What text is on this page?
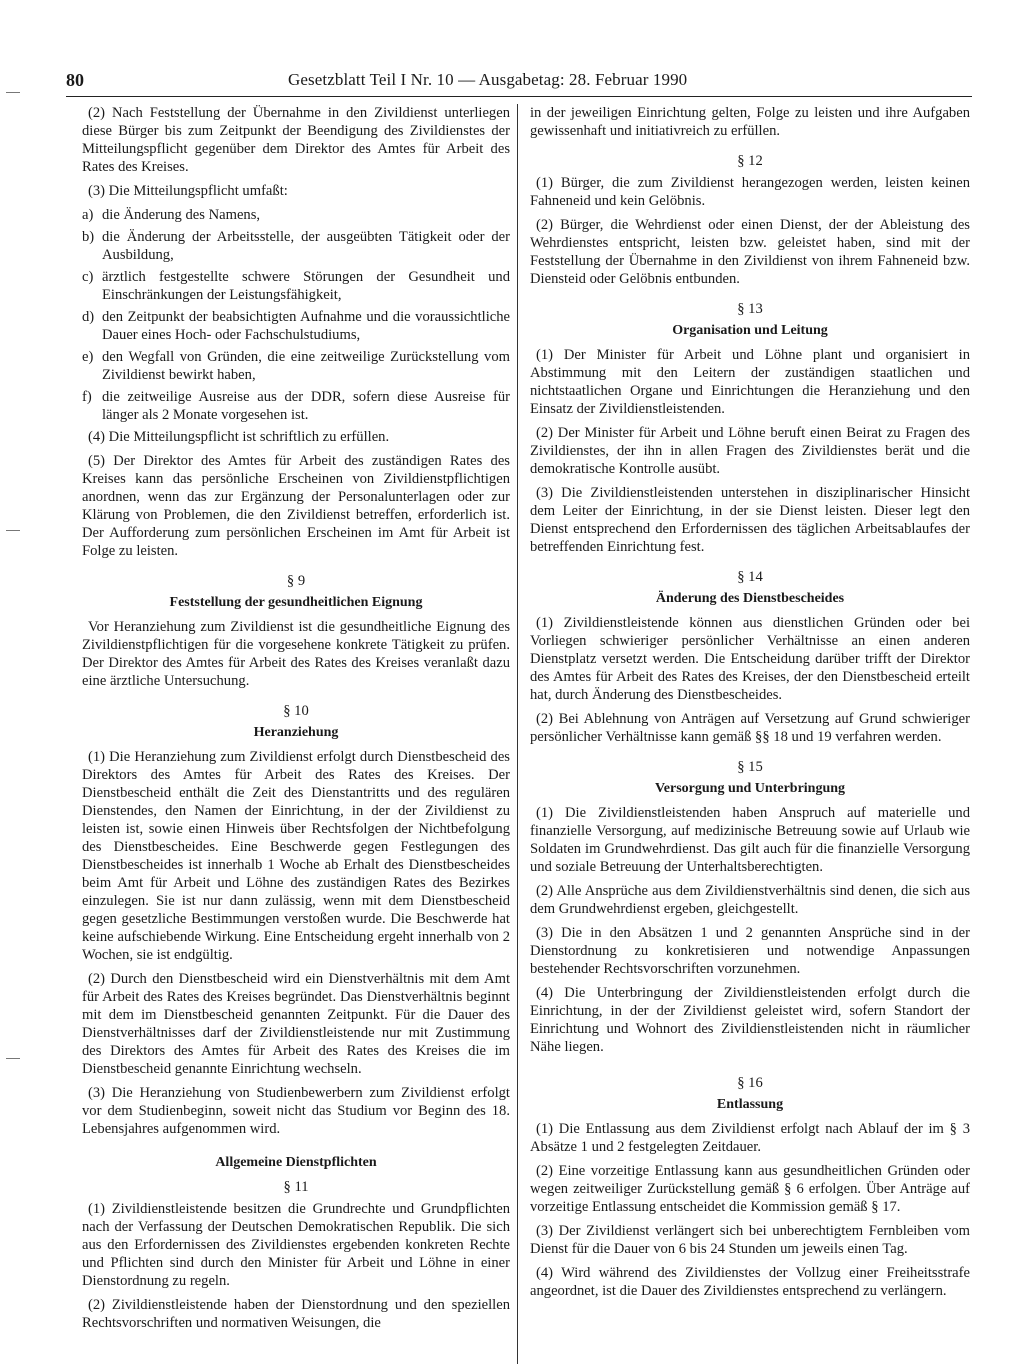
80	Gesetzblatt Teil I Nr. 10 — Ausgabetag: 28. Februar 1990

(2) Nach Feststellung der Übernahme in den Zivildienst unterliegen diese Bürger bis zum Zeitpunkt der Beendigung des Zivildienstes der Mitteilungspflicht gegenüber dem Direktor des Amtes für Arbeit des Rates des Kreises.

(3) Die Mitteilungspflicht umfaßt:

a) die Änderung des Namens,
b) die Änderung der Arbeitsstelle, der ausgeübten Tätigkeit oder der Ausbildung,
c) ärztlich festgestellte schwere Störungen der Gesundheit und Einschränkungen der Leistungsfähigkeit,
d) den Zeitpunkt der beabsichtigten Aufnahme und die voraussichtliche Dauer eines Hoch- oder Fachschulstudiums,
e) den Wegfall von Gründen, die eine zeitweilige Zurückstellung vom Zivildienst bewirkt haben,
f) die zeitweilige Ausreise aus der DDR, sofern diese Ausreise für länger als 2 Monate vorgesehen ist.

(4) Die Mitteilungspflicht ist schriftlich zu erfüllen.

(5) Der Direktor des Amtes für Arbeit des zuständigen Rates des Kreises kann das persönliche Erscheinen von Zivildienstpflichtigen anordnen, wenn das zur Ergänzung der Personalunterlagen oder zur Klärung von Problemen, die den Zivildienst betreffen, erforderlich ist. Der Aufforderung zum persönlichen Erscheinen im Amt für Arbeit ist Folge zu leisten.

§ 9
Feststellung der gesundheitlichen Eignung

Vor Heranziehung zum Zivildienst ist die gesundheitliche Eignung des Zivildienstpflichtigen für die vorgesehene konkrete Tätigkeit zu prüfen. Der Direktor des Amtes für Arbeit des Rates des Kreises veranlaßt dazu eine ärztliche Untersuchung.

§ 10
Heranziehung

(1) Die Heranziehung zum Zivildienst erfolgt durch Dienstbescheid des Direktors des Amtes für Arbeit des Rates des Kreises. Der Dienstbescheid enthält die Zeit des Dienstantritts und des regulären Dienstendes, den Namen der Einrichtung, in der der Zivildienst zu leisten ist, sowie einen Hinweis über Rechtsfolgen der Nichtbefolgung des Dienstbescheides. Eine Beschwerde gegen Festlegungen des Dienstbescheides ist innerhalb 1 Woche ab Erhalt des Dienstbescheides beim Amt für Arbeit und Löhne des zuständigen Rates des Bezirkes einzulegen. Sie ist nur dann zulässig, wenn mit dem Dienstbescheid gegen gesetzliche Bestimmungen verstoßen wurde. Die Beschwerde hat keine aufschiebende Wirkung. Eine Entscheidung ergeht innerhalb von 2 Wochen, sie ist endgültig.

(2) Durch den Dienstbescheid wird ein Dienstverhältnis mit dem Amt für Arbeit des Rates des Kreises begründet. Das Dienstverhältnis beginnt mit dem im Dienstbescheid genannten Zeitpunkt. Für die Dauer des Dienstverhältnisses darf der Zivildienstleistende nur mit Zustimmung des Direktors des Amtes für Arbeit des Rates des Kreises die im Dienstbescheid genannte Einrichtung wechseln.

(3) Die Heranziehung von Studienbewerbern zum Zivildienst erfolgt vor dem Studienbeginn, soweit nicht das Studium vor Beginn des 18. Lebensjahres aufgenommen wird.

Allgemeine Dienstpflichten
§ 11

(1) Zivildienstleistende besitzen die Grundrechte und Grundpflichten nach der Verfassung der Deutschen Demokratischen Republik. Die sich aus den Erfordernissen des Zivildienstes ergebenden konkreten Rechte und Pflichten sind durch den Minister für Arbeit und Löhne in einer Dienstordnung zu regeln.

(2) Zivildienstleistende haben der Dienstordnung und den speziellen Rechtsvorschriften und normativen Weisungen, die

in der jeweiligen Einrichtung gelten, Folge zu leisten und ihre Aufgaben gewissenhaft und initiativreich zu erfüllen.

§ 12

(1) Bürger, die zum Zivildienst herangezogen werden, leisten keinen Fahneneid und kein Gelöbnis.

(2) Bürger, die Wehrdienst oder einen Dienst, der der Ableistung des Wehrdienstes entspricht, leisten bzw. geleistet haben, sind mit der Feststellung der Übernahme in den Zivildienst von ihrem Fahneneid bzw. Diensteid oder Gelöbnis entbunden.

§ 13
Organisation und Leitung

(1) Der Minister für Arbeit und Löhne plant und organisiert in Abstimmung mit den Leitern der zuständigen staatlichen und nichtstaatlichen Organe und Einrichtungen die Heranziehung und den Einsatz der Zivildienstleistenden.

(2) Der Minister für Arbeit und Löhne beruft einen Beirat zu Fragen des Zivildienstes, der ihn in allen Fragen des Zivildienstes berät und die demokratische Kontrolle ausübt.

(3) Die Zivildienstleistenden unterstehen in disziplinarischer Hinsicht dem Leiter der Einrichtung, in der sie Dienst leisten. Dieser legt den Dienst entsprechend den Erfordernissen des täglichen Arbeitsablaufes der betreffenden Einrichtung fest.

§ 14
Änderung des Dienstbescheides

(1) Zivildienstleistende können aus dienstlichen Gründen oder bei Vorliegen schwieriger persönlicher Verhältnisse an einen anderen Dienstplatz versetzt werden. Die Entscheidung darüber trifft der Direktor des Amtes für Arbeit des Rates des Kreises, der den Dienstbescheid erteilt hat, durch Änderung des Dienstbescheides.

(2) Bei Ablehnung von Anträgen auf Versetzung auf Grund schwieriger persönlicher Verhältnisse kann gemäß §§ 18 und 19 verfahren werden.

§ 15
Versorgung und Unterbringung

(1) Die Zivildienstleistenden haben Anspruch auf materielle und finanzielle Versorgung, auf medizinische Betreuung sowie auf Urlaub wie Soldaten im Grundwehrdienst. Das gilt auch für die finanzielle Versorgung und soziale Betreuung der Unterhaltsberechtigten.

(2) Alle Ansprüche aus dem Zivildienstverhältnis sind denen, die sich aus dem Grundwehrdienst ergeben, gleichgestellt.

(3) Die in den Absätzen 1 und 2 genannten Ansprüche sind in der Dienstordnung zu konkretisieren und notwendige Anpassungen bestehender Rechtsvorschriften vorzunehmen.

(4) Die Unterbringung der Zivildienstleistenden erfolgt durch die Einrichtung, in der der Zivildienst geleistet wird, sofern Standort der Einrichtung und Wohnort des Zivildienstleistenden nicht in räumlicher Nähe liegen.

§ 16
Entlassung

(1) Die Entlassung aus dem Zivildienst erfolgt nach Ablauf der im § 3 Absätze 1 und 2 festgelegten Zeitdauer.

(2) Eine vorzeitige Entlassung kann aus gesundheitlichen Gründen oder wegen zeitweiliger Zurückstellung gemäß § 6 erfolgen. Über Anträge auf vorzeitige Entlassung entscheidet die Kommission gemäß § 17.

(3) Der Zivildienst verlängert sich bei unberechtigtem Fernbleiben vom Dienst für die Dauer von 6 bis 24 Stunden um jeweils einen Tag.

(4) Wird während des Zivildienstes der Vollzug einer Freiheitsstrafe angeordnet, ist die Dauer des Zivildienstes entsprechend zu verlängern.
